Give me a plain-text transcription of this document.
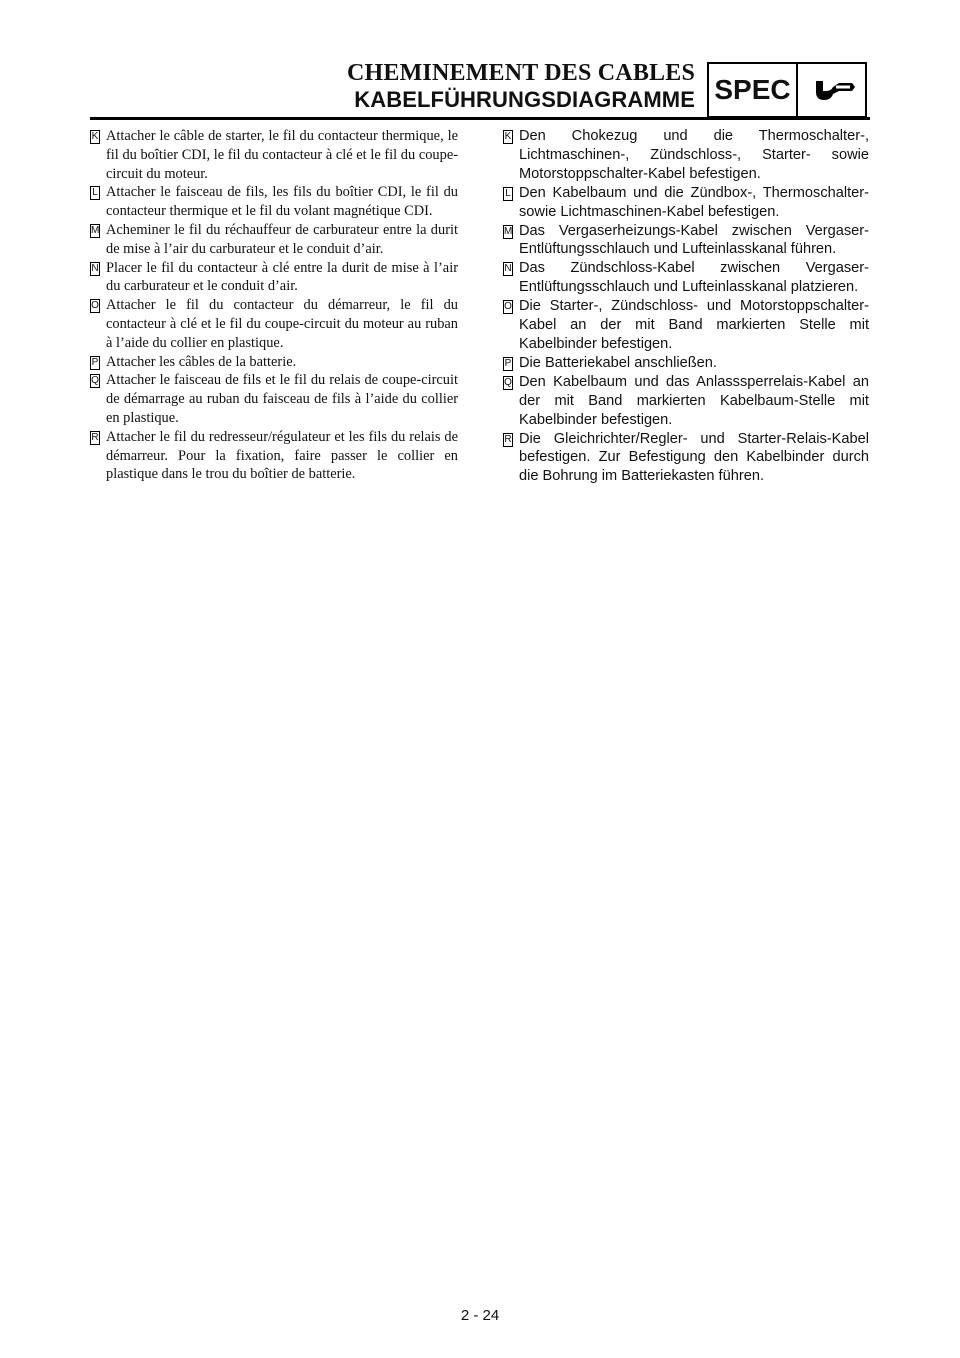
CHEMINEMENT DES CABLES
KABELFÜHRUNGSDIAGRAMME SPEC
K Attacher le câble de starter, le fil du contacteur thermique, le fil du boîtier CDI, le fil du contacteur à clé et le fil du coupe-circuit du moteur.
L Attacher le faisceau de fils, les fils du boîtier CDI, le fil du contacteur thermique et le fil du volant magnétique CDI.
M Acheminer le fil du réchauffeur de carburateur entre la durit de mise à l’air du carburateur et le conduit d’air.
N Placer le fil du contacteur à clé entre la durit de mise à l’air du carburateur et le conduit d’air.
O Attacher le fil du contacteur du démarreur, le fil du contacteur à clé et le fil du coupe-circuit du moteur au ruban à l’aide du collier en plastique.
P Attacher les câbles de la batterie.
Q Attacher le faisceau de fils et le fil du relais de coupe-circuit de démarrage au ruban du faisceau de fils à l’aide du collier en plastique.
R Attacher le fil du redresseur/régulateur et les fils du relais de démarreur. Pour la fixation, faire passer le collier en plastique dans le trou du boîtier de batterie.
K Den Chokezug und die Thermoschalter-, Lichtmaschinen-, Zündschloss-, Starter- sowie Motorstoppschalter-Kabel befestigen.
L Den Kabelbaum und die Zündbox-, Thermoschalter- sowie Lichtmaschinen-Kabel befestigen.
M Das Vergaserheizungs-Kabel zwischen Vergaser-Entlüftungsschlauch und Lufteinlasskanal führen.
N Das Zündschloss-Kabel zwischen Vergaser-Entlüftungsschlauch und Lufteinlasskanal platzieren.
O Die Starter-, Zündschloss- und Motorstoppschalter-Kabel an der mit Band markierten Stelle mit Kabelbinder befestigen.
P Die Batteriekabel anschließen.
Q Den Kabelbaum und das Anlasssperrelais-Kabel an der mit Band markierten Kabelbaum-Stelle mit Kabelbinder befestigen.
R Die Gleichrichter/Regler- und Starter-Relais-Kabel befestigen. Zur Befestigung den Kabelbinder durch die Bohrung im Batteriekasten führen.
2 - 24
